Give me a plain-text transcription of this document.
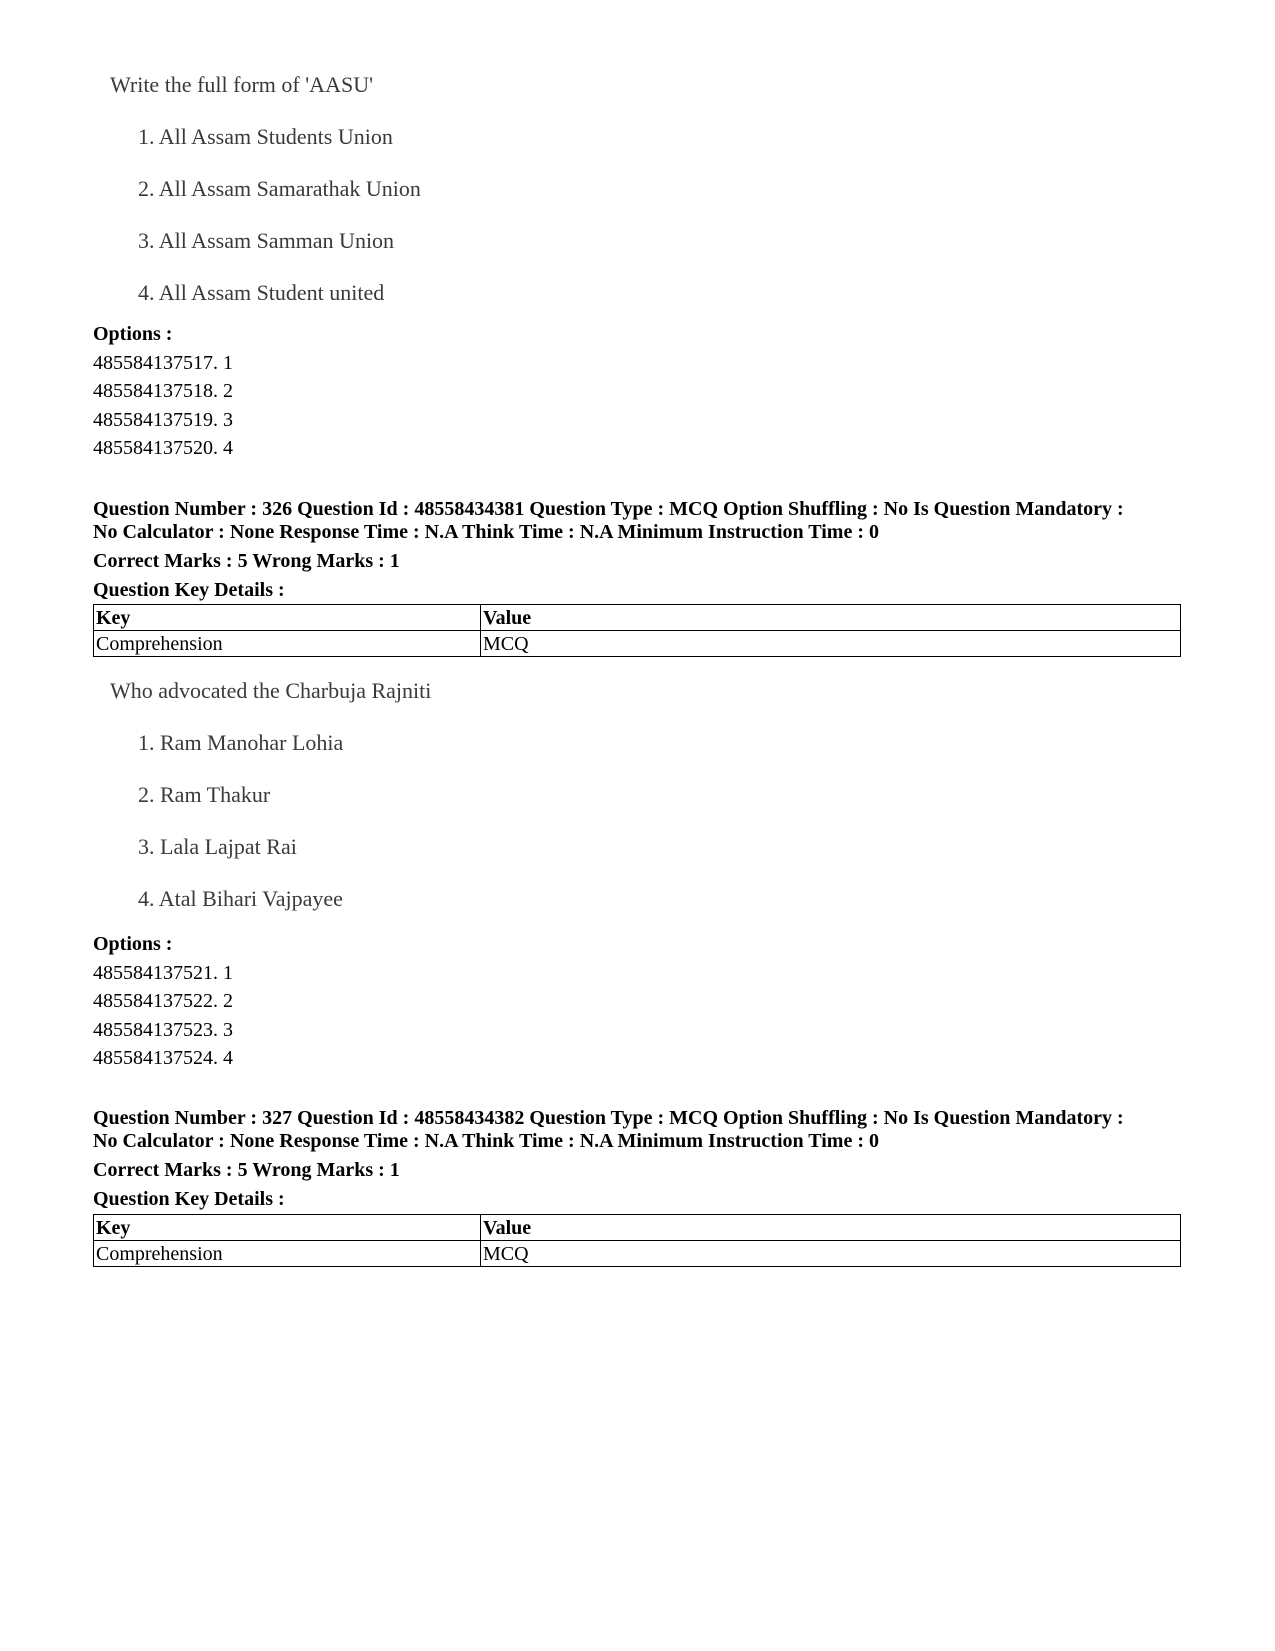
Write the full form of 'AASU'

1. All Assam Students Union
2. All Assam Samarathak Union
3. All Assam Samman Union
4. All Assam Student united
Options :
485584137517. 1
485584137518. 2
485584137519. 3
485584137520. 4
Question Number : 326 Question Id : 48558434381 Question Type : MCQ Option Shuffling : No Is Question Mandatory :
No Calculator : None Response Time : N.A Think Time : N.A Minimum Instruction Time : 0
Correct Marks : 5 Wrong Marks : 1
Question Key Details :
Key	Value
Comprehension	MCQ

Who advocated the Charbuja Rajniti

1. Ram Manohar Lohia
2. Ram Thakur
3. Lala Lajpat Rai
4. Atal Bihari Vajpayee
Options :
485584137521. 1
485584137522. 2
485584137523. 3
485584137524. 4
Question Number : 327 Question Id : 48558434382 Question Type : MCQ Option Shuffling : No Is Question Mandatory :
No Calculator : None Response Time : N.A Think Time : N.A Minimum Instruction Time : 0
Correct Marks : 5 Wrong Marks : 1
Question Key Details :
Key	Value
Comprehension	MCQ
